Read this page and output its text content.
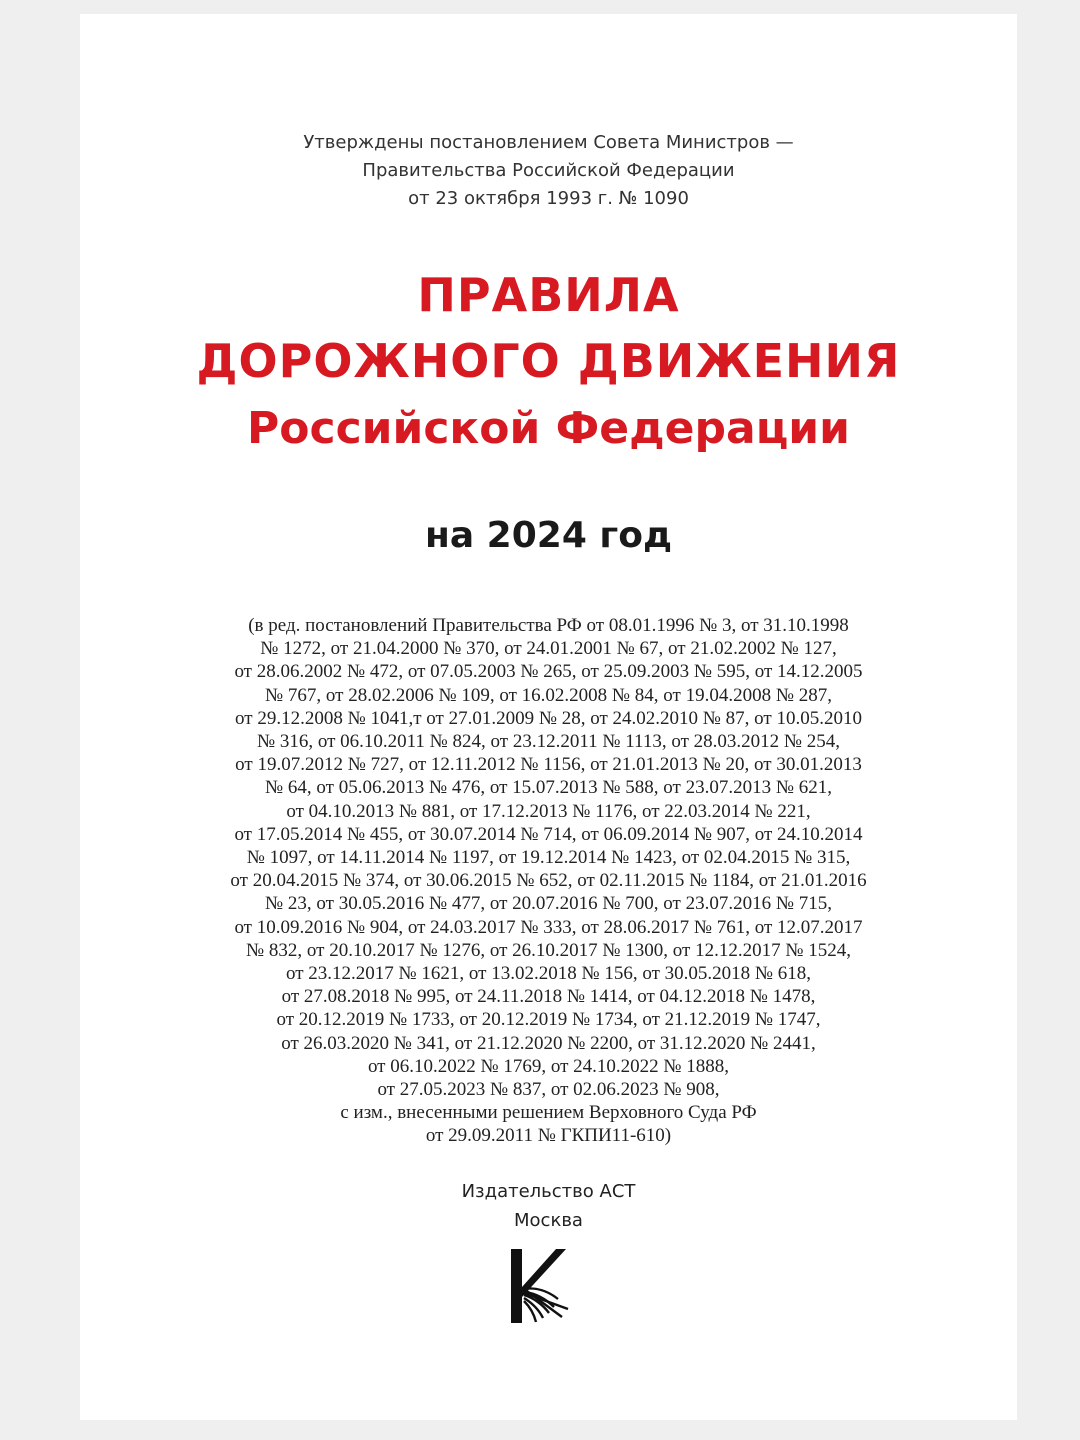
Утверждены постановлением Совета Министров —
Правительства Российской Федерации
от 23 октября 1993 г. № 1090
ПРАВИЛА
ДОРОЖНОГО ДВИЖЕНИЯ
Российской Федерации
на 2024 год
(в ред. постановлений Правительства РФ от 08.01.1996 № 3, от 31.10.1998
№ 1272, от 21.04.2000 № 370, от 24.01.2001 № 67, от 21.02.2002 № 127,
от 28.06.2002 № 472, от 07.05.2003 № 265, от 25.09.2003 № 595, от 14.12.2005
№ 767, от 28.02.2006 № 109, от 16.02.2008 № 84, от 19.04.2008 № 287,
от 29.12.2008 № 1041,т от 27.01.2009 № 28, от 24.02.2010 № 87, от 10.05.2010
№ 316, от 06.10.2011 № 824, от 23.12.2011 № 1113, от 28.03.2012 № 254,
от 19.07.2012 № 727, от 12.11.2012 № 1156, от 21.01.2013 № 20, от 30.01.2013
№ 64, от 05.06.2013 № 476, от 15.07.2013 № 588, от 23.07.2013 № 621,
от 04.10.2013 № 881, от 17.12.2013 № 1176, от 22.03.2014 № 221,
от 17.05.2014 № 455, от 30.07.2014 № 714, от 06.09.2014 № 907, от 24.10.2014
№ 1097, от 14.11.2014 № 1197, от 19.12.2014 № 1423, от 02.04.2015 № 315,
от 20.04.2015 № 374, от 30.06.2015 № 652, от 02.11.2015 № 1184, от 21.01.2016
№ 23, от 30.05.2016 № 477, от 20.07.2016 № 700, от 23.07.2016 № 715,
от 10.09.2016 № 904, от 24.03.2017 № 333, от 28.06.2017 № 761, от 12.07.2017
№ 832, от 20.10.2017 № 1276, от 26.10.2017 № 1300, от 12.12.2017 № 1524,
от 23.12.2017 № 1621, от 13.02.2018 № 156, от 30.05.2018 № 618,
от 27.08.2018 № 995, от 24.11.2018 № 1414, от 04.12.2018 № 1478,
от 20.12.2019 № 1733, от 20.12.2019 № 1734, от 21.12.2019 № 1747,
от 26.03.2020 № 341, от 21.12.2020 № 2200, от 31.12.2020 № 2441,
от 06.10.2022 № 1769, от 24.10.2022 № 1888,
от 27.05.2023 № 837, от 02.06.2023 № 908,
с изм., внесенными решением Верховного Суда РФ
от 29.09.2011 № ГКПИ11-610)
Издательство АСТ
Москва
